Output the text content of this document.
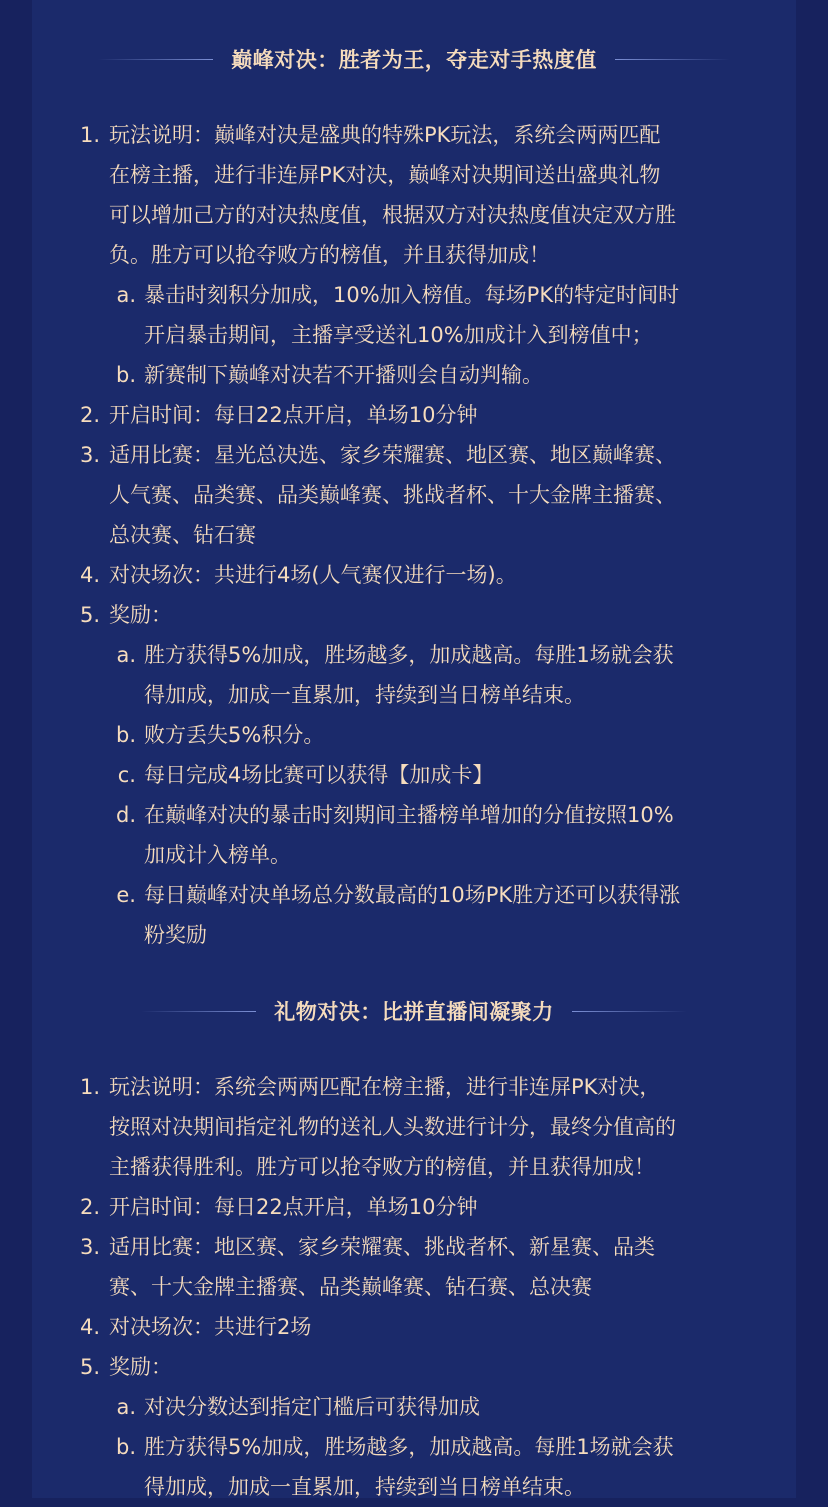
巅峰对决：胜者为王，夺走对手热度值
1. 玩法说明：巅峰对决是盛典的特殊PK玩法，系统会两两匹配
在榜主播，进行非连屏PK对决，巅峰对决期间送出盛典礼物
可以增加己方的对决热度值，根据双方对决热度值决定双方胜
负。胜方可以抢夺败方的榜值，并且获得加成！
a. 暴击时刻积分加成，10%加入榜值。每场PK的特定时间时
开启暴击期间，主播享受送礼10%加成计入到榜值中；
b. 新赛制下巅峰对决若不开播则会自动判输。
2. 开启时间：每日22点开启，单场10分钟
3. 适用比赛：星光总决选、家乡荣耀赛、地区赛、地区巅峰赛、
人气赛、品类赛、品类巅峰赛、挑战者杯、十大金牌主播赛、
总决赛、钻石赛
4. 对决场次：共进行4场(人气赛仅进行一场)。
5. 奖励：
a. 胜方获得5%加成，胜场越多，加成越高。每胜1场就会获
得加成，加成一直累加，持续到当日榜单结束。
b. 败方丢失5%积分。
c. 每日完成4场比赛可以获得【加成卡】
d. 在巅峰对决的暴击时刻期间主播榜单增加的分值按照10%
加成计入榜单。
e. 每日巅峰对决单场总分数最高的10场PK胜方还可以获得涨
粉奖励
礼物对决：比拼直播间凝聚力
1. 玩法说明：系统会两两匹配在榜主播，进行非连屏PK对决，
按照对决期间指定礼物的送礼人头数进行计分，最终分值高的
主播获得胜利。胜方可以抢夺败方的榜值，并且获得加成！
2. 开启时间：每日22点开启，单场10分钟
3. 适用比赛：地区赛、家乡荣耀赛、挑战者杯、新星赛、品类
赛、十大金牌主播赛、品类巅峰赛、钻石赛、总决赛
4. 对决场次：共进行2场
5. 奖励：
a. 对决分数达到指定门槛后可获得加成
b. 胜方获得5%加成，胜场越多，加成越高。每胜1场就会获
得加成，加成一直累加，持续到当日榜单结束。
